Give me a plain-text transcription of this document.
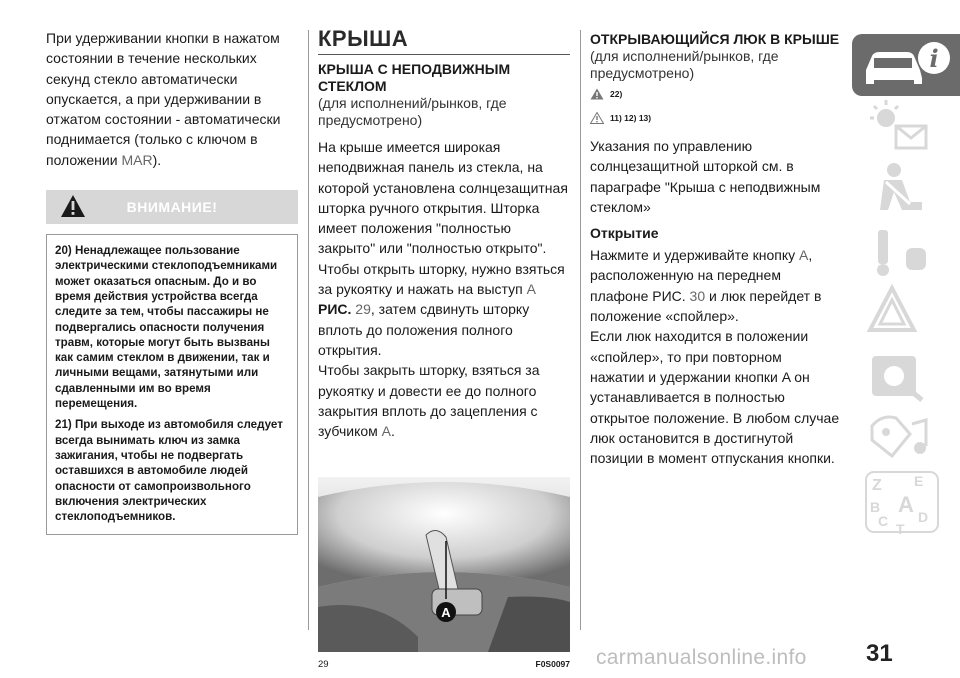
При удерживании кнопки в нажатом состоянии в течение нескольких секунд стекло автоматически опускается, а при удерживании в отжатом состоянии - автоматически поднимается (только с ключом в положении MAR).

ВНИМАНИЕ!

20) Ненадлежащее пользование электрическими стеклоподъемниками может оказаться опасным. До и во время действия устройства всегда следите за тем, чтобы пассажиры не подвергались опасности получения травм, которые могут быть вызваны как самим стеклом в движении, так и личными вещами, затянутыми или сдавленными им во время перемещения.

21) При выходе из автомобиля следует всегда вынимать ключ из замка зажигания, чтобы не подвергать оставшихся в автомобиле людей опасности от самопроизвольного включения электрических стеклоподъемников.

КРЫША
КРЫША С НЕПОДВИЖНЫМ СТЕКЛОМ
(для исполнений/рынков, где предусмотрено)

На крыше имеется широкая неподвижная панель из стекла, на которой установлена солнцезащитная шторка ручного открытия. Шторка имеет положения "полностью закрыто" или "полностью открыто".

Чтобы открыть шторку, нужно взяться за рукоятку и нажать на выступ A РИС. 29, затем сдвинуть шторку вплоть до положения полного открытия.

Чтобы закрыть шторку, взяться за рукоятку и довести ее до полного закрытия вплоть до зацепления с зубчиком A.

A
29	F0S0097
ОТКРЫВАЮЩИЙСЯ ЛЮК В КРЫШЕ
(для исполнений/рынков, где предусмотрено)
22)
11) 12) 13)

Указания по управлению солнцезащитной шторкой см. в параграфе "Крыша с неподвижным стеклом»

Открытие

Нажмите и удерживайте кнопку A, расположенную на переднем плафоне РИС. 30 и люк перейдет в положение «спойлер».

Если люк находится в положении «спойлер», то при повторном нажатии и удержании кнопки A он устанавливается в полностью открытое положение. В любом случае люк остановится в достигнутой позиции в момент отпускания кнопки.

i
Z E
B A
C T
D
31
carmanualsonline.info
